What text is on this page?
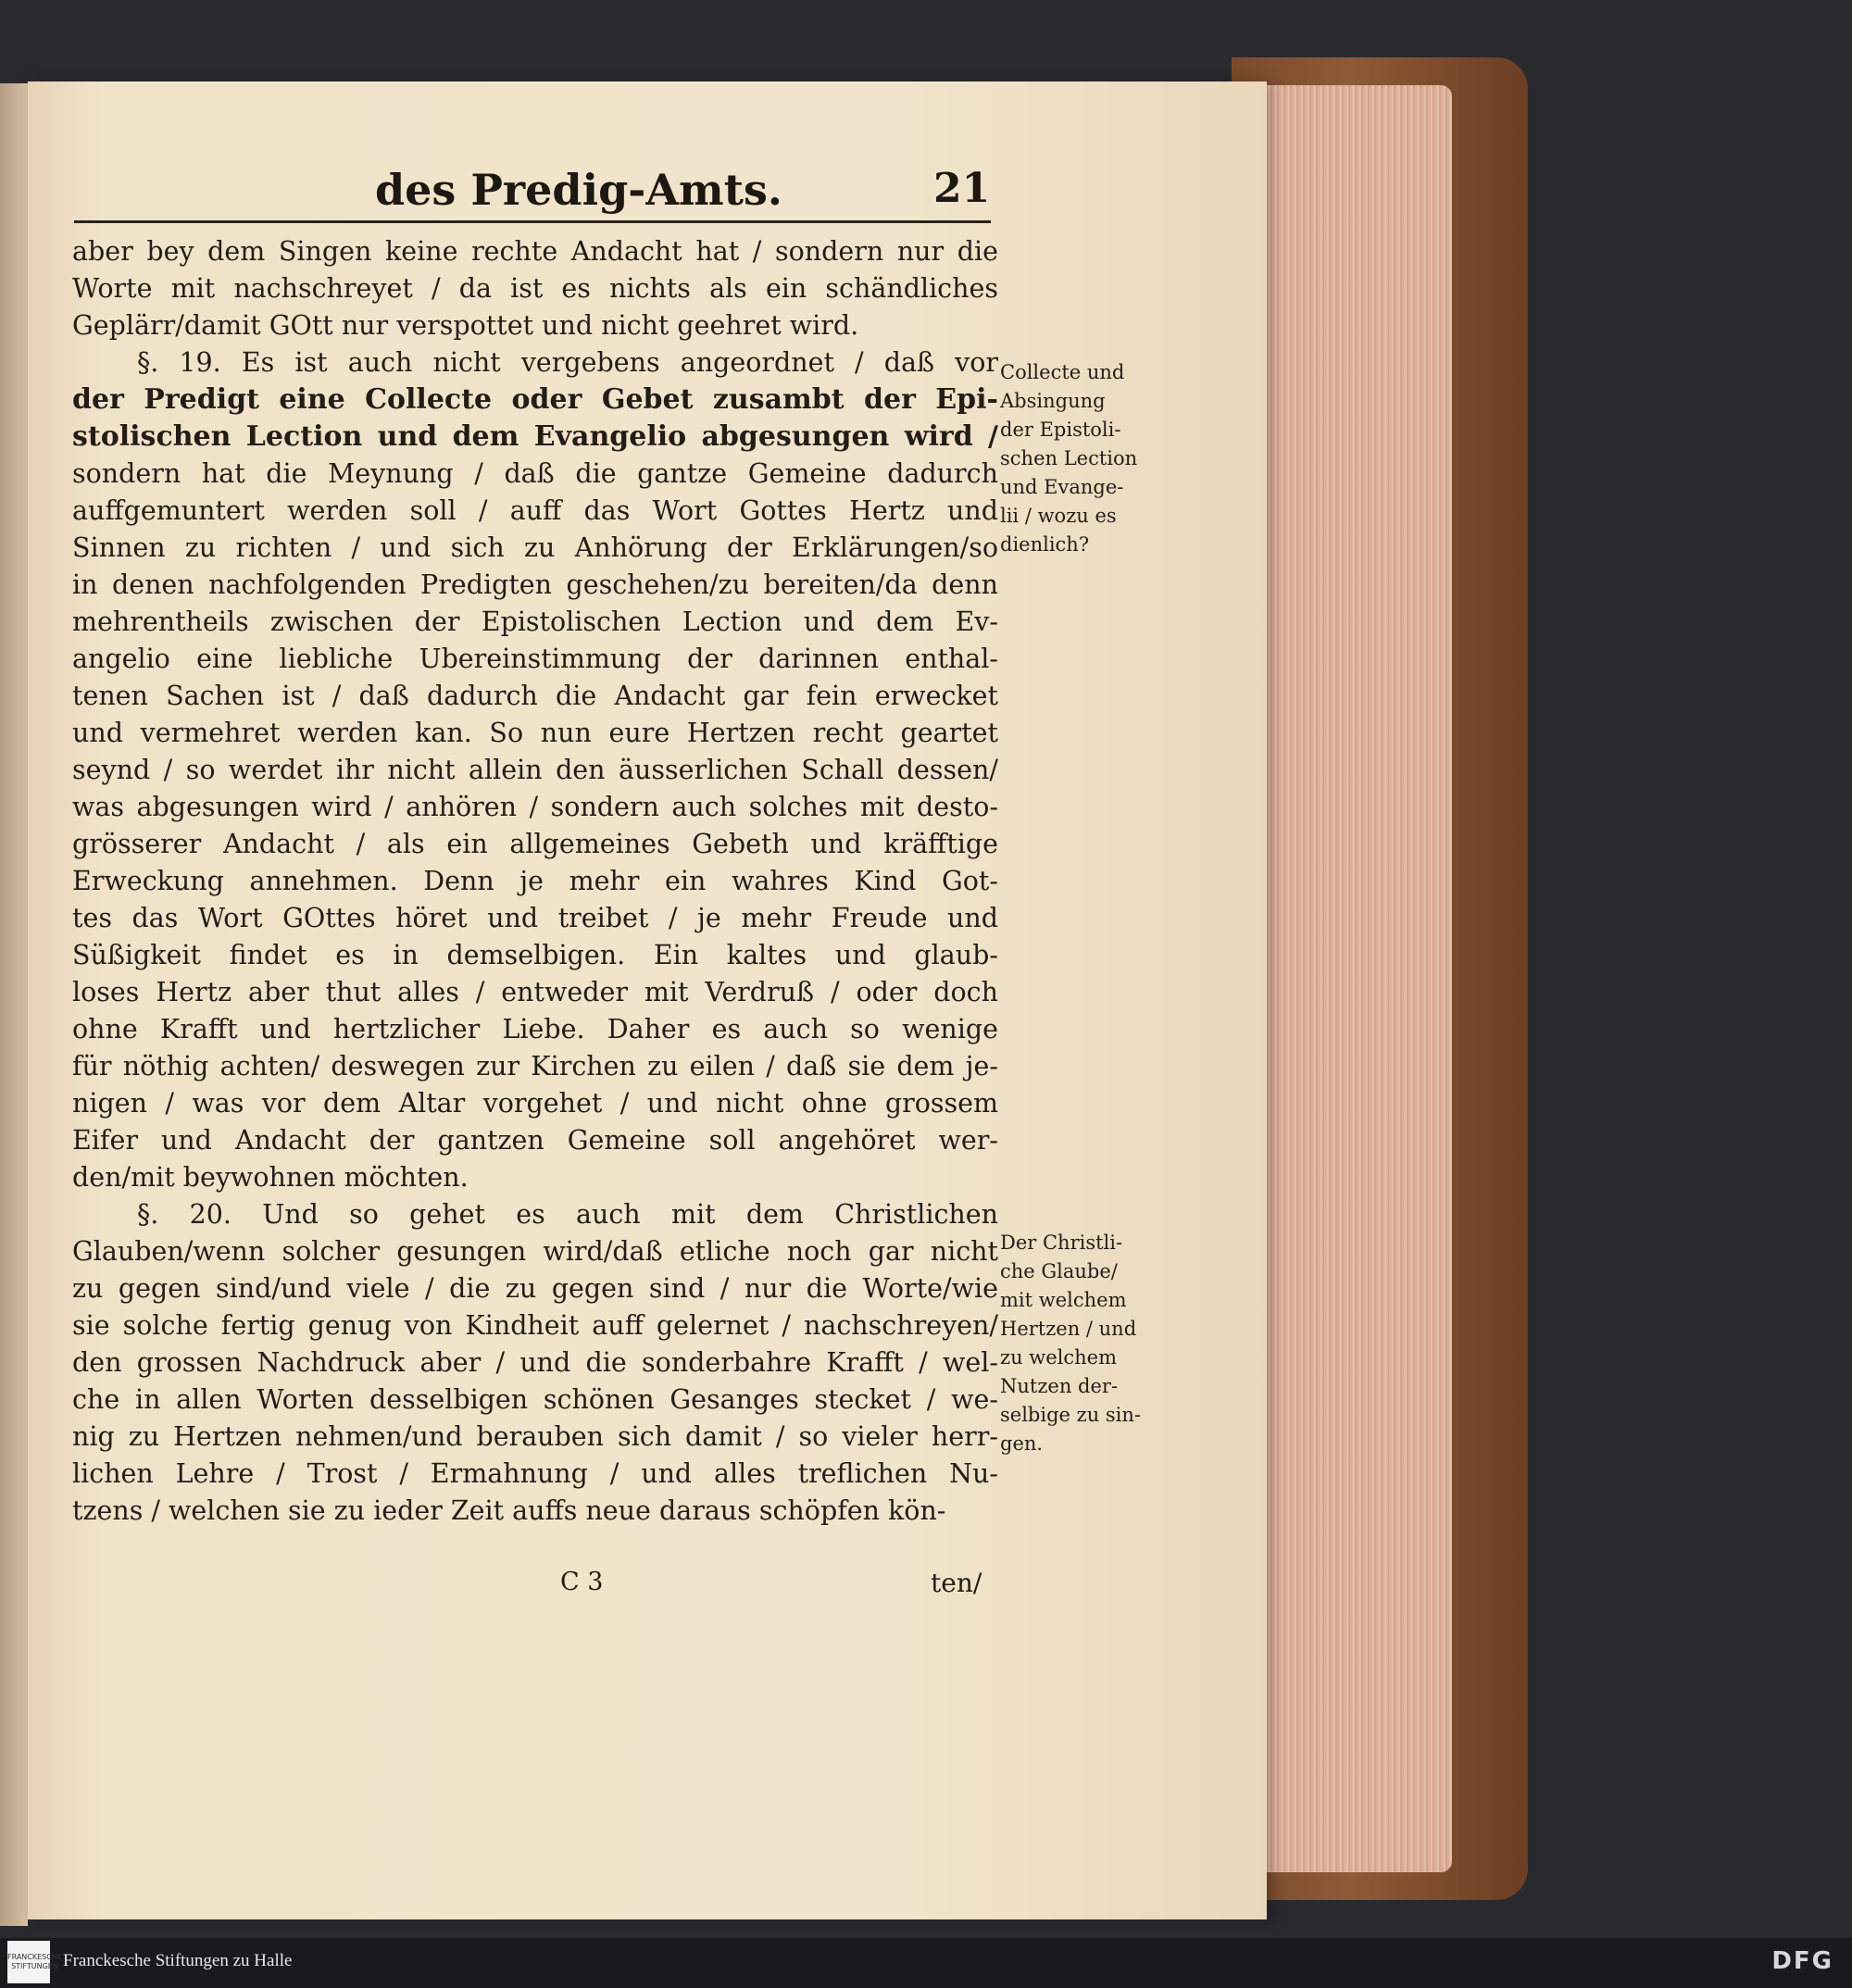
des Predig-Amts.	21
aber bey dem Singen keine rechte Andacht hat / sondern nur die
Worte mit nachschreyet / da ist es nichts als ein schändliches
Geplärr/damit GOtt nur verspottet und nicht geehret wird.
§. 19. Es ist auch nicht vergebens angeordnet / daß vor
der Predigt eine Collecte oder Gebet zusambt der Epi-
stolischen Lection und dem Evangelio abgesungen wird /
sondern hat die Meynung / daß die gantze Gemeine dadurch
auffgemuntert werden soll / auff das Wort Gottes Hertz und
Sinnen zu richten / und sich zu Anhörung der Erklärungen/so
in denen nachfolgenden Predigten geschehen/zu bereiten/da denn
mehrentheils zwischen der Epistolischen Lection und dem Ev-
angelio eine liebliche Ubereinstimmung der darinnen enthal-
tenen Sachen ist / daß dadurch die Andacht gar fein erwecket
und vermehret werden kan. So nun eure Hertzen recht geartet
seynd / so werdet ihr nicht allein den äusserlichen Schall dessen/
was abgesungen wird / anhören / sondern auch solches mit desto-
grösserer Andacht / als ein allgemeines Gebeth und kräfftige
Erweckung annehmen. Denn je mehr ein wahres Kind Got-
tes das Wort GOttes höret und treibet / je mehr Freude und
Süßigkeit findet es in demselbigen. Ein kaltes und glaub-
loses Hertz aber thut alles / entweder mit Verdruß / oder doch
ohne Krafft und hertzlicher Liebe. Daher es auch so wenige
für nöthig achten/ deswegen zur Kirchen zu eilen / daß sie dem je-
nigen / was vor dem Altar vorgehet / und nicht ohne grossem
Eifer und Andacht der gantzen Gemeine soll angehöret wer-
den/mit beywohnen möchten.
§. 20. Und so gehet es auch mit dem Christlichen
Glauben/wenn solcher gesungen wird/daß etliche noch gar nicht
zu gegen sind/und viele / die zu gegen sind / nur die Worte/wie
sie solche fertig genug von Kindheit auff gelernet / nachschreyen/
den grossen Nachdruck aber / und die sonderbahre Krafft / wel-
che in allen Worten desselbigen schönen Gesanges stecket / we-
nig zu Hertzen nehmen/und berauben sich damit / so vieler herr-
lichen Lehre / Trost / Ermahnung / und alles treflichen Nu-
tzens / welchen sie zu ieder Zeit auffs neue daraus schöpfen kön-
Collecte und
Absingung
der Epistoli-
schen Lection
und Evange-
lii / wozu es
dienlich?
Der Christli-
che Glaube/
mit welchem
Hertzen / und
zu welchem
Nutzen der-
selbige zu sin-
gen.
C 3	ten/
FRANCKESCHE STIFTUNGEN Franckesche Stiftungen zu Halle	DFG
